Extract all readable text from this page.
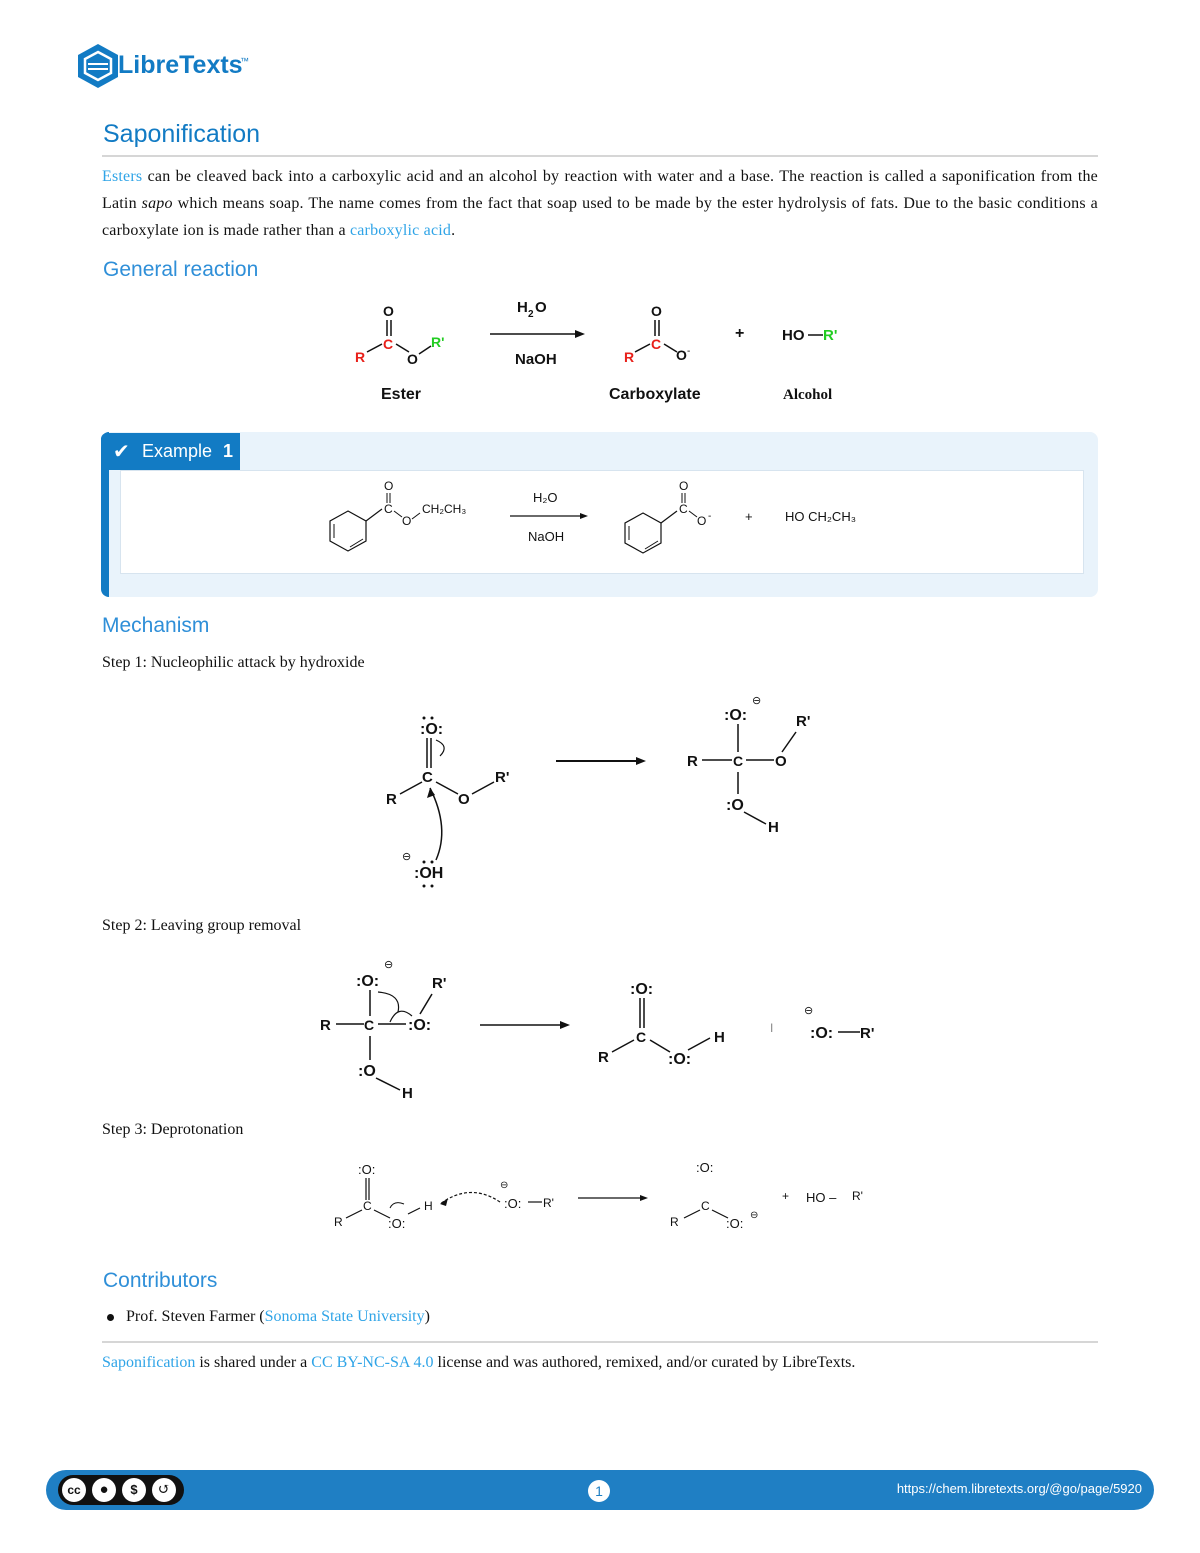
LibreTexts
™
Saponification
Esters can be cleaved back into a carboxylic acid and an alcohol by reaction with water and a base. The reaction is called a saponification from the Latin sapo which means soap. The name comes from the fact that soap used to be made by the ester hydrolysis of fats. Due to the basic conditions a carboxylate ion is made rather than a carboxylic acid.
General reaction
O
C
R	O
R'
H 2 O
NaOH
O
C
R	O -
+	HO R'
Ester	Carboxylate	Alcohol
✔ Example 1
O
C
O
CH₂CH₃
H₂O
NaOH
O
C
O -	+ HO CH₂CH₃
Mechanism
Step 1: Nucleophilic attack by hydroxide
:O:
C
R	O
R'
⊖
:OH
:O:
⊖
R	C O
R'
:O
H
Step 2: Leaving group removal
:O:
⊖
R C :O:
R'
:O
H
:O:
C
R	:O:
H
I
⊖
:O: R'
Step 3: Deprotonation
:O:
C
R	:O:
H
⊖
:O: R'
:O:
C
R	:O:
⊖
+ HO – R'
Contributors
Prof. Steven Farmer (Sonoma State University)
Saponification is shared under a CC BY-NC-SA 4.0 license and was authored, remixed, and/or curated by LibreTexts.
cc	●	$	↺	1	https://chem.libretexts.org/@go/page/5920
